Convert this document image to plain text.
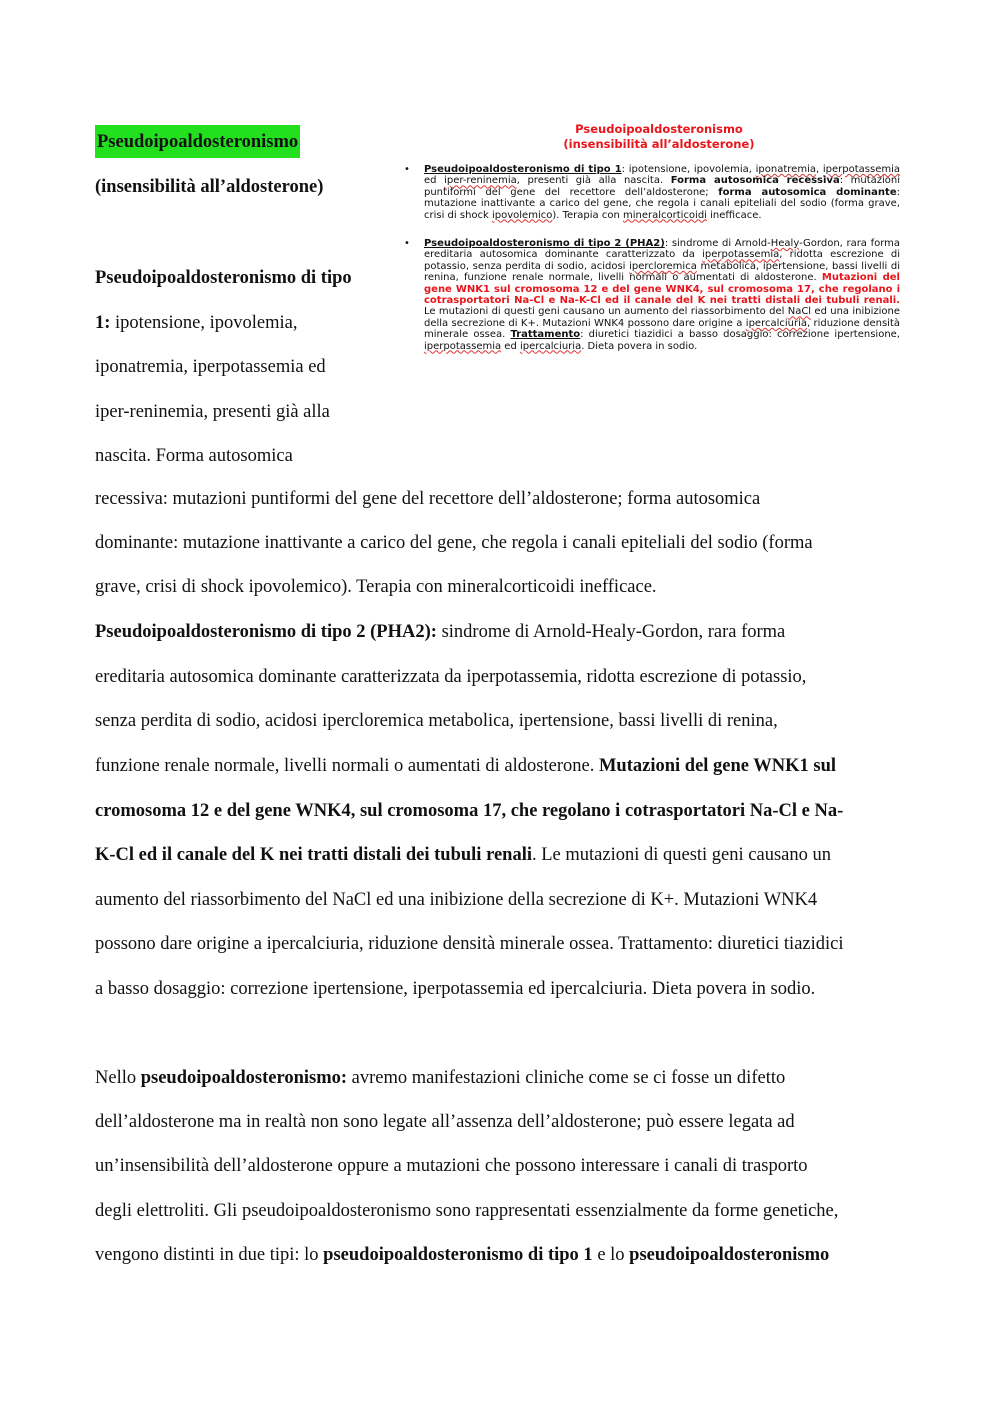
Pseudoipoaldosteronismo
(insensibilità all’aldosterone)
Pseudoipoaldosteronismo di tipo
1: ipotensione, ipovolemia,
iponatremia, iperpotassemia ed
iper-reninemia, presenti già alla
nascita. Forma autosomica
Pseudoipoaldosteronismo
(insensibilità all’aldosterone)
• Pseudoipoaldosteronismo di tipo 1: ipotensione, ipovolemia, iponatremia, iperpotassemia ed iper-reninemia, presenti già alla nascita. Forma autosomica recessiva: mutazioni puntiformi del gene del recettore dell’aldosterone; forma autosomica dominante: mutazione inattivante a carico del gene, che regola i canali epiteliali del sodio (forma grave, crisi di shock ipovolemico). Terapia con mineralcorticoidi inefficace.
• Pseudoipoaldosteronismo di tipo 2 (PHA2): sindrome di Arnold-Healy-Gordon, rara forma ereditaria autosomica dominante caratterizzato da iperpotassemia, ridotta escrezione di potassio, senza perdita di sodio, acidosi ipercloremica metabolica, ipertensione, bassi livelli di renina, funzione renale normale, livelli normali o aumentati di aldosterone. Mutazioni del gene WNK1 sul cromosoma 12 e del gene WNK4, sul cromosoma 17, che regolano i cotrasportatori Na-Cl e Na-K-Cl ed il canale del K nei tratti distali dei tubuli renali. Le mutazioni di questi geni causano un aumento del riassorbimento del NaCl ed una inibizione della secrezione di K+. Mutazioni WNK4 possono dare origine a ipercalciuria, riduzione densità minerale ossea. Trattamento: diuretici tiazidici a basso dosaggio: correzione ipertensione, iperpotassemia ed ipercalciuria. Dieta povera in sodio.
recessiva: mutazioni puntiformi del gene del recettore dell’aldosterone; forma autosomica
dominante: mutazione inattivante a carico del gene, che regola i canali epiteliali del sodio (forma
grave, crisi di shock ipovolemico). Terapia con mineralcorticoidi inefficace.
Pseudoipoaldosteronismo di tipo 2 (PHA2): sindrome di Arnold‐Healy‐Gordon, rara forma
ereditaria autosomica dominante caratterizzata da iperpotassemia, ridotta escrezione di potassio,
senza perdita di sodio, acidosi ipercloremica metabolica, ipertensione, bassi livelli di renina,
funzione renale normale, livelli normali o aumentati di aldosterone. Mutazioni del gene WNK1 sul
cromosoma 12 e del gene WNK4, sul cromosoma 17, che regolano i cotrasportatori Na‐Cl e Na‐
K‐Cl ed il canale del K nei tratti distali dei tubuli renali. Le mutazioni di questi geni causano un
aumento del riassorbimento del NaCl ed una inibizione della secrezione di K+. Mutazioni WNK4
possono dare origine a ipercalciuria, riduzione densità minerale ossea. Trattamento: diuretici tiazidici
a basso dosaggio: correzione ipertensione, iperpotassemia ed ipercalciuria. Dieta povera in sodio.
Nello pseudoipoaldosteronismo: avremo manifestazioni cliniche come se ci fosse un difetto
dell’aldosterone ma in realtà non sono legate all’assenza dell’aldosterone; può essere legata ad
un’insensibilità dell’aldosterone oppure a mutazioni che possono interessare i canali di trasporto
degli elettroliti. Gli pseudoipoaldosteronismo sono rappresentati essenzialmente da forme genetiche,
vengono distinti in due tipi: lo pseudoipoaldosteronismo di tipo 1 e lo pseudoipoaldosteronismo
